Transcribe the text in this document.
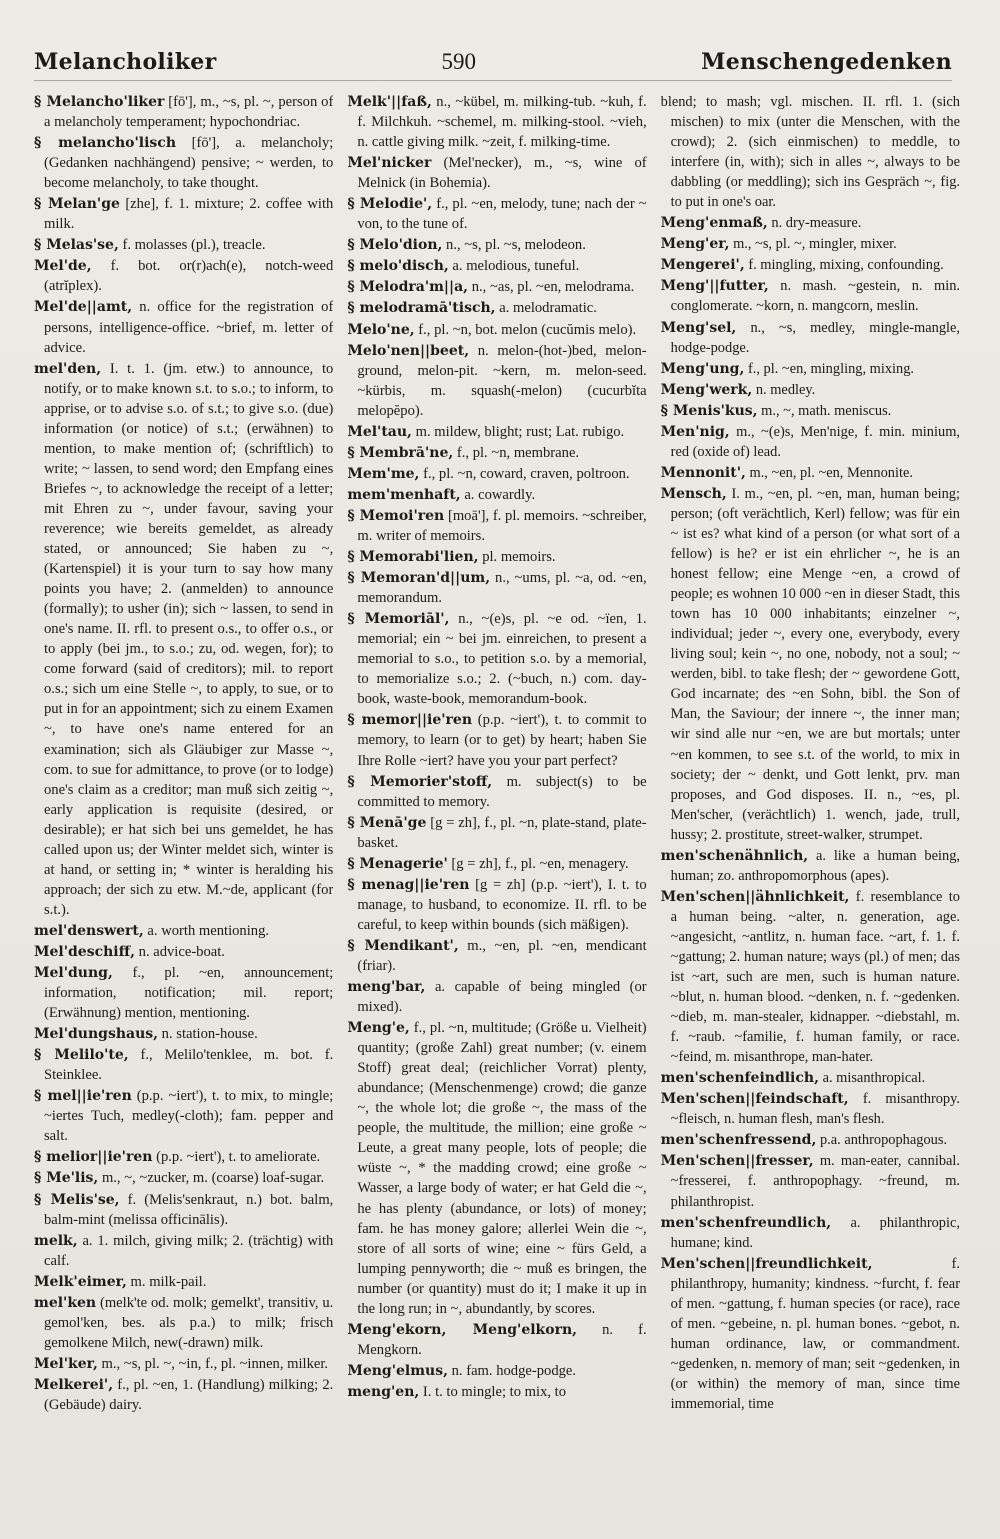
Melancholiker	590	Menschengedenken

§ Melancho'liker [fō'], m., ~s, pl. ~, person of a melancholy temperament; hypochondriac.

§ melancho'lisch [fō'], a. melancholy; (Gedanken nachhängend) pensive; ~ werden, to become melancholy, to take thought.

§ Melan'ge [zhe], f. 1. mixture; 2. coffee with milk.

§ Melas'se, f. molasses (pl.), treacle.

Mel'de, f. bot. or(r)ach(e), notch-weed (atrĭplex).

Mel'de||amt, n. office for the registration of persons, intelligence-office. ~brief, m. letter of advice.

mel'den, I. t. 1. (jm. etw.) to announce, to notify, or to make known s.t. to s.o.; to inform, to apprise, or to advise s.o. of s.t.; to give s.o. (due) information (or notice) of s.t.; (erwähnen) to mention, to make mention of; (schriftlich) to write; ~ lassen, to send word; den Empfang eines Briefes ~, to acknowledge the receipt of a letter; mit Ehren zu ~, under favour, saving your reverence; wie bereits gemeldet, as already stated, or announced; Sie haben zu ~, (Kartenspiel) it is your turn to say how many points you have; 2. (anmelden) to announce (formally); to usher (in); sich ~ lassen, to send in one's name. II. rfl. to present o.s., to offer o.s., or to apply (bei jm., to s.o.; zu, od. wegen, for); to come forward (said of creditors); mil. to report o.s.; sich um eine Stelle ~, to apply, to sue, or to put in for an appointment; sich zu einem Examen ~, to have one's name entered for an examination; sich als Gläubiger zur Masse ~, com. to sue for admittance, to prove (or to lodge) one's claim as a creditor; man muß sich zeitig ~, early application is requisite (desired, or desirable); er hat sich bei uns gemeldet, he has called upon us; der Winter meldet sich, winter is at hand, or setting in; * winter is heralding his approach; der sich zu etw. M.~de, applicant (for s.t.).

mel'denswert, a. worth mentioning.

Mel'deschiff, n. advice-boat.

Mel'dung, f., pl. ~en, announcement; information, notification; mil. report; (Erwähnung) mention, mentioning.

Mel'dungshaus, n. station-house.

§ Melilo'te, f., Melilo'tenklee, m. bot. f. Steinklee.

§ mel||ie'ren (p.p. ~iert'), t. to mix, to mingle; ~iertes Tuch, medley(-cloth); fam. pepper and salt.

§ melior||ie'ren (p.p. ~iert'), t. to ameliorate.

§ Me'lis, m., ~, ~zucker, m. (coarse) loaf-sugar.

§ Melis'se, f. (Melis'senkraut, n.) bot. balm, balm-mint (melissa officinālis).

melk, a. 1. milch, giving milk; 2. (trächtig) with calf.

Melk'eimer, m. milk-pail.

mel'ken (melk'te od. molk; gemelkt', transitiv, u. gemol'ken, bes. als p.a.) to milk; frisch gemolkene Milch, new(-drawn) milk.

Mel'ker, m., ~s, pl. ~, ~in, f., pl. ~innen, milker.

Melkerei', f., pl. ~en, 1. (Handlung) milking; 2. (Gebäude) dairy.

Melk'||faß, n., ~kübel, m. milking-tub. ~kuh, f. f. Milchkuh. ~schemel, m. milking-stool. ~vieh, n. cattle giving milk. ~zeit, f. milking-time.

Mel'nicker (Mel'necker), m., ~s, wine of Melnick (in Bohemia).

§ Melodie', f., pl. ~en, melody, tune; nach der ~ von, to the tune of.

§ Melo'dion, n., ~s, pl. ~s, melodeon.

§ melo'disch, a. melodious, tuneful.

§ Melodra'm||a, n., ~as, pl. ~en, melodrama.

§ melodramā'tisch, a. melodramatic.

Melo'ne, f., pl. ~n, bot. melon (cucŭmis melo).

Melo'nen||beet, n. melon-(hot-)bed, melon-ground, melon-pit. ~kern, m. melon-seed. ~kürbis, m. squash(-melon) (cucurbĭta melopĕpo).

Mel'tau, m. mildew, blight; rust; Lat. rubigo.

§ Membrā'ne, f., pl. ~n, membrane.

Mem'me, f., pl. ~n, coward, craven, poltroon.

mem'menhaft, a. cowardly.

§ Memoi'ren [moā'], f. pl. memoirs. ~schreiber, m. writer of memoirs.

§ Memorabi'lien, pl. memoirs.

§ Memoran'd||um, n., ~ums, pl. ~a, od. ~en, memorandum.

§ Memoriāl', n., ~(e)s, pl. ~e od. ~ïen, 1. memorial; ein ~ bei jm. einreichen, to present a memorial to s.o., to petition s.o. by a memorial, to memorialize s.o.; 2. (~buch, n.) com. day-book, waste-book, memorandum-book.

§ memor||ie'ren (p.p. ~iert'), t. to commit to memory, to learn (or to get) by heart; haben Sie Ihre Rolle ~iert? have you your part perfect?

§ Memorier'stoff, m. subject(s) to be committed to memory.

§ Menā'ge [g = zh], f., pl. ~n, plate-stand, plate-basket.

§ Menagerie' [g = zh], f., pl. ~en, menagery.

§ menag||ie'ren [g = zh] (p.p. ~iert'), I. t. to manage, to husband, to economize. II. rfl. to be careful, to keep within bounds (sich mäßigen).

§ Mendikant', m., ~en, pl. ~en, mendicant (friar).

meng'bar, a. capable of being mingled (or mixed).

Meng'e, f., pl. ~n, multitude; (Größe u. Vielheit) quantity; (große Zahl) great number; (v. einem Stoff) great deal; (reichlicher Vorrat) plenty, abundance; (Menschenmenge) crowd; die ganze ~, the whole lot; die große ~, the mass of the people, the multitude, the million; eine große ~ Leute, a great many people, lots of people; die wüste ~, * the madding crowd; eine große ~ Wasser, a large body of water; er hat Geld die ~, he has plenty (abundance, or lots) of money; fam. he has money galore; allerlei Wein die ~, store of all sorts of wine; eine ~ fürs Geld, a lumping pennyworth; die ~ muß es bringen, the number (or quantity) must do it; I make it up in the long run; in ~, abundantly, by scores.

Meng'ekorn, Meng'elkorn, n. f. Mengkorn.

Meng'elmus, n. fam. hodge-podge.

meng'en, I. t. to mingle; to mix, to

blend; to mash; vgl. mischen. II. rfl. 1. (sich mischen) to mix (unter die Menschen, with the crowd); 2. (sich einmischen) to meddle, to interfere (in, with); sich in alles ~, always to be dabbling (or meddling); sich ins Gespräch ~, fig. to put in one's oar.

Meng'enmaß, n. dry-measure.

Meng'er, m., ~s, pl. ~, mingler, mixer.

Mengerei', f. mingling, mixing, confounding.

Meng'||futter, n. mash. ~gestein, n. min. conglomerate. ~korn, n. mangcorn, meslin.

Meng'sel, n., ~s, medley, mingle-mangle, hodge-podge.

Meng'ung, f., pl. ~en, mingling, mixing.

Meng'werk, n. medley.

§ Menis'kus, m., ~, math. meniscus.

Men'nig, m., ~(e)s, Men'nige, f. min. minium, red (oxide of) lead.

Mennonit', m., ~en, pl. ~en, Mennonite.

Mensch, I. m., ~en, pl. ~en, man, human being; person; (oft verächtlich, Kerl) fellow; was für ein ~ ist es? what kind of a person (or what sort of a fellow) is he? er ist ein ehrlicher ~, he is an honest fellow; eine Menge ~en, a crowd of people; es wohnen 10 000 ~en in dieser Stadt, this town has 10 000 inhabitants; einzelner ~, individual; jeder ~, every one, everybody, every living soul; kein ~, no one, nobody, not a soul; ~ werden, bibl. to take flesh; der ~ gewordene Gott, God incarnate; des ~en Sohn, bibl. the Son of Man, the Saviour; der innere ~, the inner man; wir sind alle nur ~en, we are but mortals; unter ~en kommen, to see s.t. of the world, to mix in society; der ~ denkt, und Gott lenkt, prv. man proposes, and God disposes. II. n., ~es, pl. Men'scher, (verächtlich) 1. wench, jade, trull, hussy; 2. prostitute, street-walker, strumpet.

men'schenähnlich, a. like a human being, human; zo. anthropomorphous (apes).

Men'schen||ähnlichkeit, f. resemblance to a human being. ~alter, n. generation, age. ~angesicht, ~antlitz, n. human face. ~art, f. 1. f. ~gattung; 2. human nature; ways (pl.) of men; das ist ~art, such are men, such is human nature. ~blut, n. human blood. ~denken, n. f. ~gedenken. ~dieb, m. man-stealer, kidnapper. ~diebstahl, m. f. ~raub. ~familie, f. human family, or race. ~feind, m. misanthrope, man-hater.

men'schenfeindlich, a. misanthropical.

Men'schen||feindschaft, f. misanthropy. ~fleisch, n. human flesh, man's flesh.

men'schenfressend, p.a. anthropophagous.

Men'schen||fresser, m. man-eater, cannibal. ~fresserei, f. anthropophagy. ~freund, m. philanthropist.

men'schenfreundlich, a. philanthropic, humane; kind.

Men'schen||freundlichkeit,	f. philanthropy, humanity; kindness. ~furcht, f. fear of men. ~gattung, f. human species (or race), race of men. ~gebeine, n. pl. human bones. ~gebot, n. human ordinance, law, or commandment. ~gedenken, n. memory of man; seit ~gedenken, in (or within) the memory of man, since time immemorial, time
